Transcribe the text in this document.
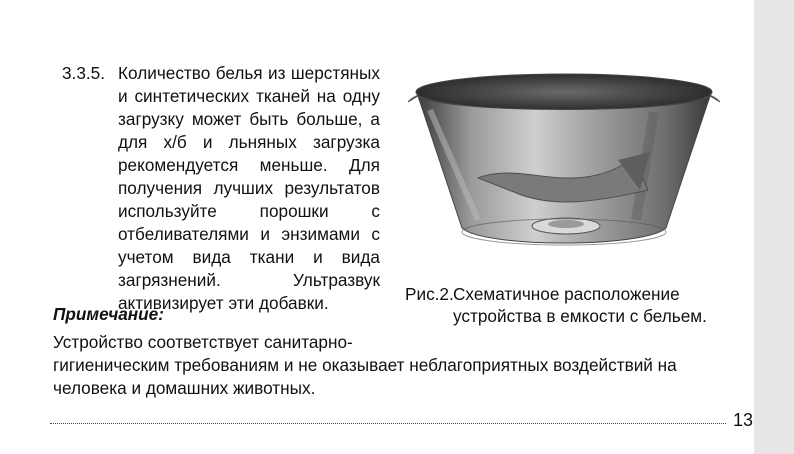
3.3.5. Количество белья из шерстяных и синтетических тканей на одну загрузку может быть больше, а для х/б и льняных загрузка рекомендуется меньше. Для получения лучших результатов используйте порошки с отбеливателями и энзимами с учетом вида ткани и вида загрязнений. Ультразвук активизирует эти добавки.
Примечание:
Устройство соответствует санитарно-
гигиеническим требованиям и не оказывает неблагоприятных воздействий на человека и домашних животных.
Рис.2. Схематичное расположение устройства в емкости с бельем.
13
